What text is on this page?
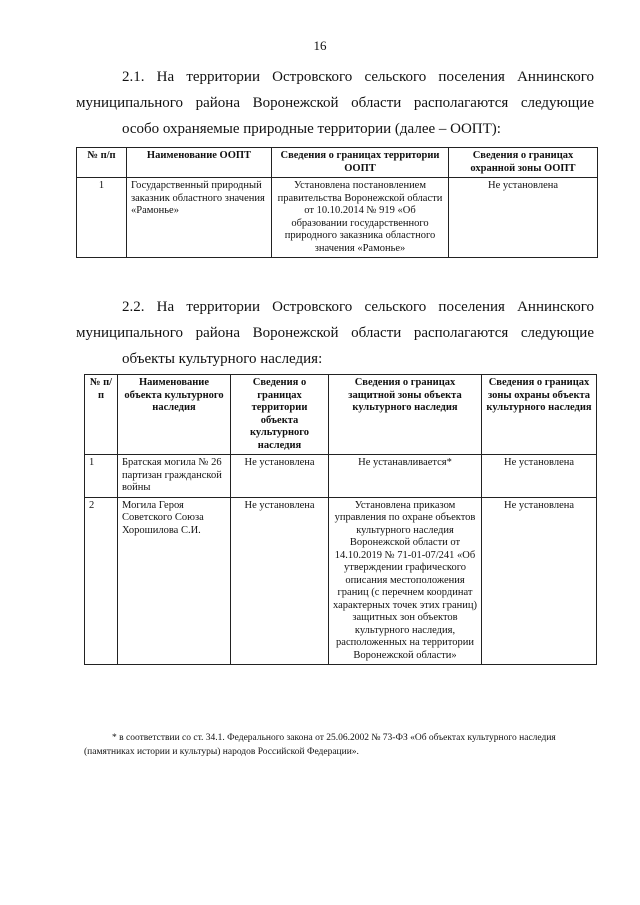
16

2.1. На территории Островского сельского поселения Аннинского муниципального района Воронежской области располагаются следующие
особо охраняемые природные территории (далее – ООПТ):

№ п/п	Наименование ООПТ	Сведения о границах территории ООПТ	Сведения о границах охранной зоны ООПТ
1	Государственный природный заказник областного значения «Рамонье»	Установлена постановлением правительства Воронежской области от 10.10.2014 № 919 «Об образовании государственного природного заказника областного значения «Рамонье»	Не установлена

2.2. На территории Островского сельского поселения Аннинского муниципального района Воронежской области располагаются следующие
объекты культурного наследия:

№ п/п	Наименование объекта культурного наследия	Сведения о границах территории объекта культурного наследия	Сведения о границах защитной зоны объекта культурного наследия	Сведения о границах зоны охраны объекта культурного наследия
1	Братская могила № 26 партизан гражданской войны	Не установлена	Не устанавливается*	Не установлена
2	Могила Героя Советского Союза Хорошилова С.И.	Не установлена	Установлена приказом управления по охране объектов культурного наследия Воронежской области от 14.10.2019 № 71-01-07/241 «Об утверждении графического описания местоположения границ (с перечнем координат характерных точек этих границ) защитных зон объектов культурного наследия, расположенных на территории Воронежской области»	Не установлена

* в соответствии со ст. 34.1. Федерального закона от 25.06.2002 № 73-ФЗ «Об объектах культурного наследия (памятниках истории и культуры) народов Российской Федерации».
